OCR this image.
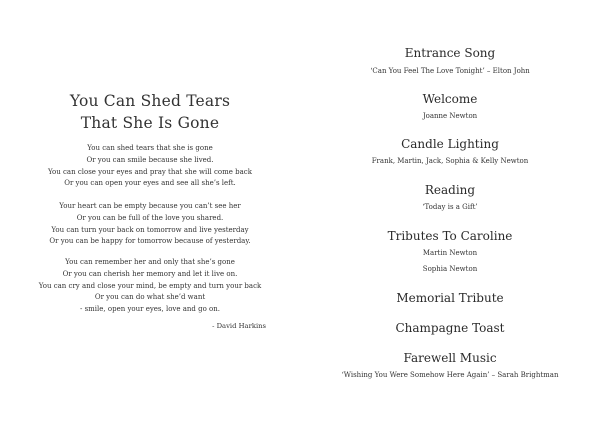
You Can Shed Tears
That She Is Gone
You can shed tears that she is gone
Or you can smile because she lived.
You can close your eyes and pray that she will come back
Or you can open your eyes and see all she’s left.
Your heart can be empty because you can’t see her
Or you can be full of the love you shared.
You can turn your back on tomorrow and live yesterday
Or you can be happy for tomorrow because of yesterday.
You can remember her and only that she’s gone
Or you can cherish her memory and let it live on.
You can cry and close your mind, be empty and turn your back
Or you can do what she’d want
- smile, open your eyes, love and go on.
- David Harkins
Entrance Song
‘Can You Feel The Love Tonight’ – Elton John
Welcome
Joanne Newton
Candle Lighting
Frank, Martin, Jack, Sophia & Kelly Newton
Reading
‘Today is a Gift’
Tributes To Caroline
Martin Newton
Sophia Newton
Memorial Tribute
Champagne Toast
Farewell Music
‘Wishing You Were Somehow Here Again’ – Sarah Brightman
